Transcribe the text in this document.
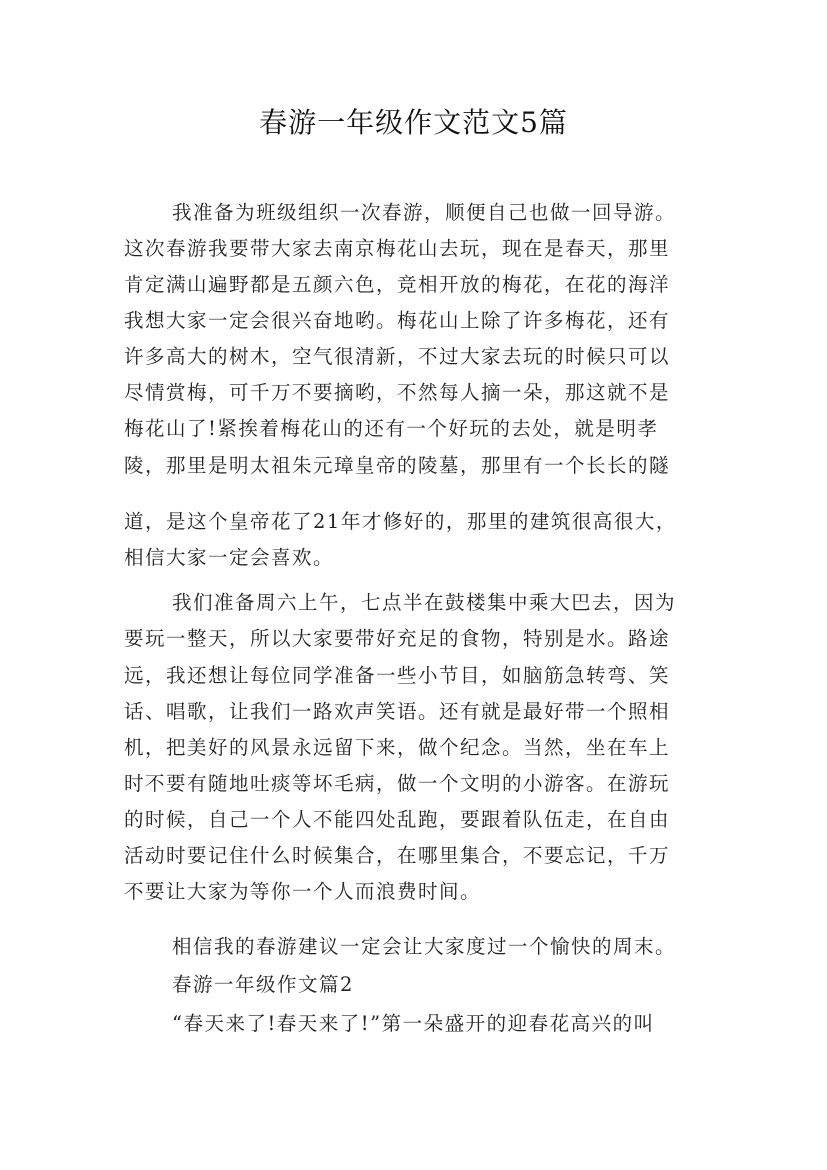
春游一年级作文范文5篇
我准备为班级组织一次春游，顺便自己也做一回导游。
这次春游我要带大家去南京梅花山去玩，现在是春天，那里
肯定满山遍野都是五颜六色，竞相开放的梅花，在花的海洋
我想大家一定会很兴奋地哟。梅花山上除了许多梅花，还有
许多高大的树木，空气很清新，不过大家去玩的时候只可以
尽情赏梅，可千万不要摘哟，不然每人摘一朵，那这就不是
梅花山了!紧挨着梅花山的还有一个好玩的去处，就是明孝
陵，那里是明太祖朱元璋皇帝的陵墓，那里有一个长长的隧
道，是这个皇帝花了21年才修好的，那里的建筑很高很大，
相信大家一定会喜欢。
我们准备周六上午，七点半在鼓楼集中乘大巴去，因为
要玩一整天，所以大家要带好充足的食物，特别是水。路途
远，我还想让每位同学准备一些小节目，如脑筋急转弯、笑
话、唱歌，让我们一路欢声笑语。还有就是最好带一个照相
机，把美好的风景永远留下来，做个纪念。当然，坐在车上
时不要有随地吐痰等坏毛病，做一个文明的小游客。在游玩
的时候，自己一个人不能四处乱跑，要跟着队伍走，在自由
活动时要记住什么时候集合，在哪里集合，不要忘记，千万
不要让大家为等你一个人而浪费时间。
相信我的春游建议一定会让大家度过一个愉快的周末。
春游一年级作文篇2
“春天来了!春天来了!”第一朵盛开的迎春花高兴的叫
